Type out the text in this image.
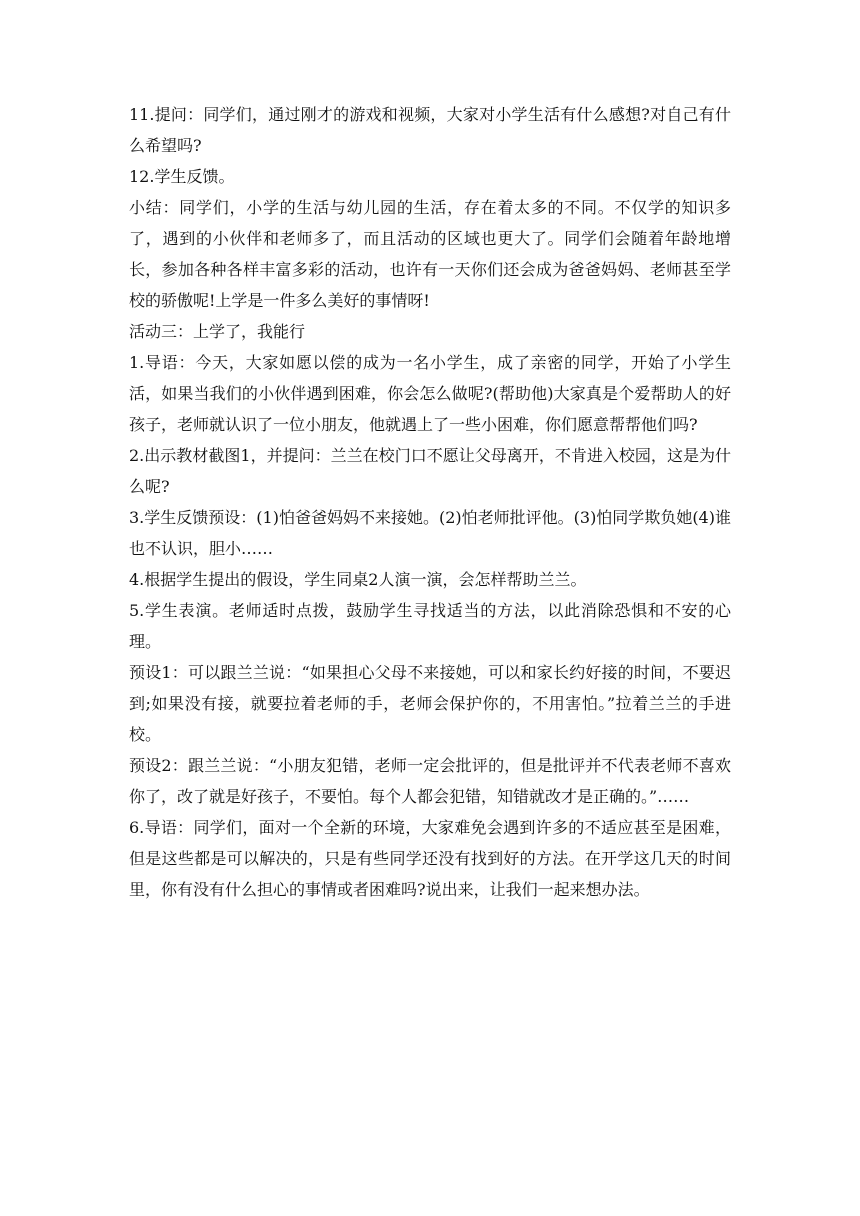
11.提问：同学们，通过刚才的游戏和视频，大家对小学生活有什么感想?对自己有什么希望吗?

12.学生反馈。

小结：同学们，小学的生活与幼儿园的生活，存在着太多的不同。不仅学的知识多了，遇到的小伙伴和老师多了，而且活动的区域也更大了。同学们会随着年龄地增长，参加各种各样丰富多彩的活动，也许有一天你们还会成为爸爸妈妈、老师甚至学校的骄傲呢!上学是一件多么美好的事情呀!

活动三：上学了，我能行

1.导语：今天，大家如愿以偿的成为一名小学生，成了亲密的同学，开始了小学生活，如果当我们的小伙伴遇到困难，你会怎么做呢?(帮助他)大家真是个爱帮助人的好孩子，老师就认识了一位小朋友，他就遇上了一些小困难，你们愿意帮帮他们吗?

2.出示教材截图1，并提问：兰兰在校门口不愿让父母离开，不肯进入校园，这是为什么呢?

3.学生反馈预设：(1)怕爸爸妈妈不来接她。(2)怕老师批评他。(3)怕同学欺负她(4)谁也不认识，胆小……

4.根据学生提出的假设，学生同桌2人演一演，会怎样帮助兰兰。

5.学生表演。老师适时点拨，鼓励学生寻找适当的方法，以此消除恐惧和不安的心理。

预设1：可以跟兰兰说：“如果担心父母不来接她，可以和家长约好接的时间，不要迟到;如果没有接，就要拉着老师的手，老师会保护你的，不用害怕。”拉着兰兰的手进校。

预设2：跟兰兰说：“小朋友犯错，老师一定会批评的，但是批评并不代表老师不喜欢你了，改了就是好孩子，不要怕。每个人都会犯错，知错就改才是正确的。”……

6.导语：同学们，面对一个全新的环境，大家难免会遇到许多的不适应甚至是困难，但是这些都是可以解决的，只是有些同学还没有找到好的方法。在开学这几天的时间里，你有没有什么担心的事情或者困难吗?说出来，让我们一起来想办法。
